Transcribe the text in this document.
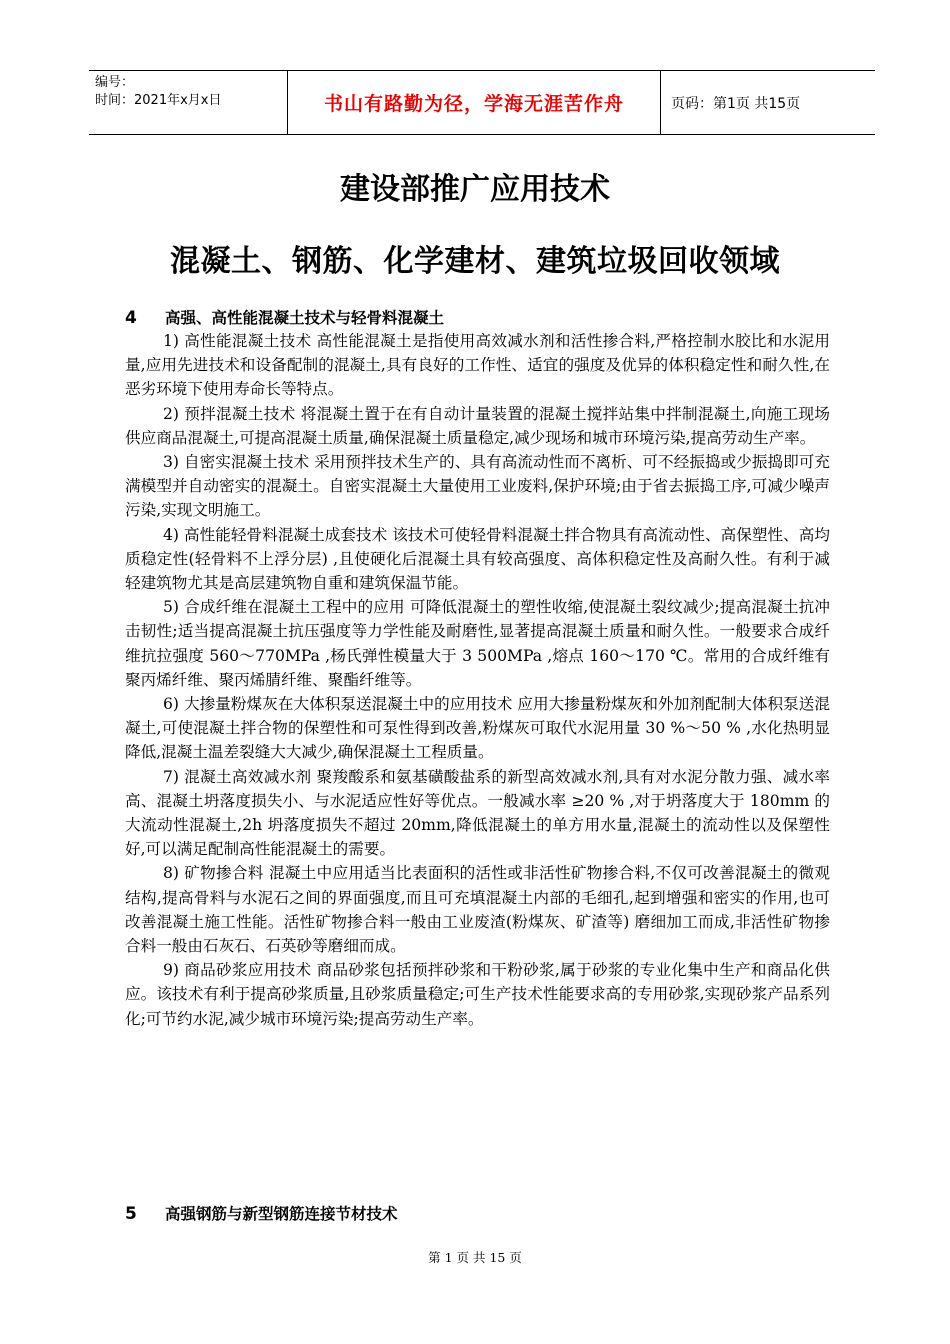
编号：
时间：2021年x月x日	书山有路勤为径，学海无涯苦作舟	页码：第1页 共15页
建设部推广应用技术
混凝土、钢筋、化学建材、建筑垃圾回收领域
4 高强、高性能混凝土技术与轻骨料混凝土

1) 高性能混凝土技术 高性能混凝土是指使用高效减水剂和活性掺合料,严格控制水胶比和水泥用量,应用先进技术和设备配制的混凝土,具有良好的工作性、适宜的强度及优异的体积稳定性和耐久性,在恶劣环境下使用寿命长等特点。

2) 预拌混凝土技术 将混凝土置于在有自动计量装置的混凝土搅拌站集中拌制混凝土,向施工现场供应商品混凝土,可提高混凝土质量,确保混凝土质量稳定,减少现场和城市环境污染,提高劳动生产率。

3) 自密实混凝土技术 采用预拌技术生产的、具有高流动性而不离析、可不经振捣或少振捣即可充满模型并自动密实的混凝土。自密实混凝土大量使用工业废料,保护环境;由于省去振捣工序,可减少噪声污染,实现文明施工。

4) 高性能轻骨料混凝土成套技术 该技术可使轻骨料混凝土拌合物具有高流动性、高保塑性、高均质稳定性(轻骨料不上浮分层) ,且使硬化后混凝土具有较高强度、高体积稳定性及高耐久性。有利于减轻建筑物尤其是高层建筑物自重和建筑保温节能。

5) 合成纤维在混凝土工程中的应用 可降低混凝土的塑性收缩,使混凝土裂纹减少;提高混凝土抗冲击韧性;适当提高混凝土抗压强度等力学性能及耐磨性,显著提高混凝土质量和耐久性。一般要求合成纤维抗拉强度 560～770MPa ,杨氏弹性模量大于 3 500MPa ,熔点 160～170 ℃。常用的合成纤维有聚丙烯纤维、聚丙烯腈纤维、聚酯纤维等。

6) 大掺量粉煤灰在大体积泵送混凝土中的应用技术 应用大掺量粉煤灰和外加剂配制大体积泵送混凝土,可使混凝土拌合物的保塑性和可泵性得到改善,粉煤灰可取代水泥用量 30 %～50 % ,水化热明显降低,混凝土温差裂缝大大减少,确保混凝土工程质量。

7) 混凝土高效减水剂 聚羧酸系和氨基磺酸盐系的新型高效减水剂,具有对水泥分散力强、减水率高、混凝土坍落度损失小、与水泥适应性好等优点。一般减水率 ≥20 % ,对于坍落度大于 180mm 的大流动性混凝土,2h 坍落度损失不超过 20mm,降低混凝土的单方用水量,混凝土的流动性以及保塑性好,可以满足配制高性能混凝土的需要。

8) 矿物掺合料 混凝土中应用适当比表面积的活性或非活性矿物掺合料,不仅可改善混凝土的微观结构,提高骨料与水泥石之间的界面强度,而且可充填混凝土内部的毛细孔,起到增强和密实的作用,也可改善混凝土施工性能。活性矿物掺合料一般由工业废渣(粉煤灰、矿渣等) 磨细加工而成,非活性矿物掺合料一般由石灰石、石英砂等磨细而成。

9) 商品砂浆应用技术 商品砂浆包括预拌砂浆和干粉砂浆,属于砂浆的专业化集中生产和商品化供应。该技术有利于提高砂浆质量,且砂浆质量稳定;可生产技术性能要求高的专用砂浆,实现砂浆产品系列化;可节约水泥,减少城市环境污染;提高劳动生产率。

5 高强钢筋与新型钢筋连接节材技术
第 1 页 共 15 页
